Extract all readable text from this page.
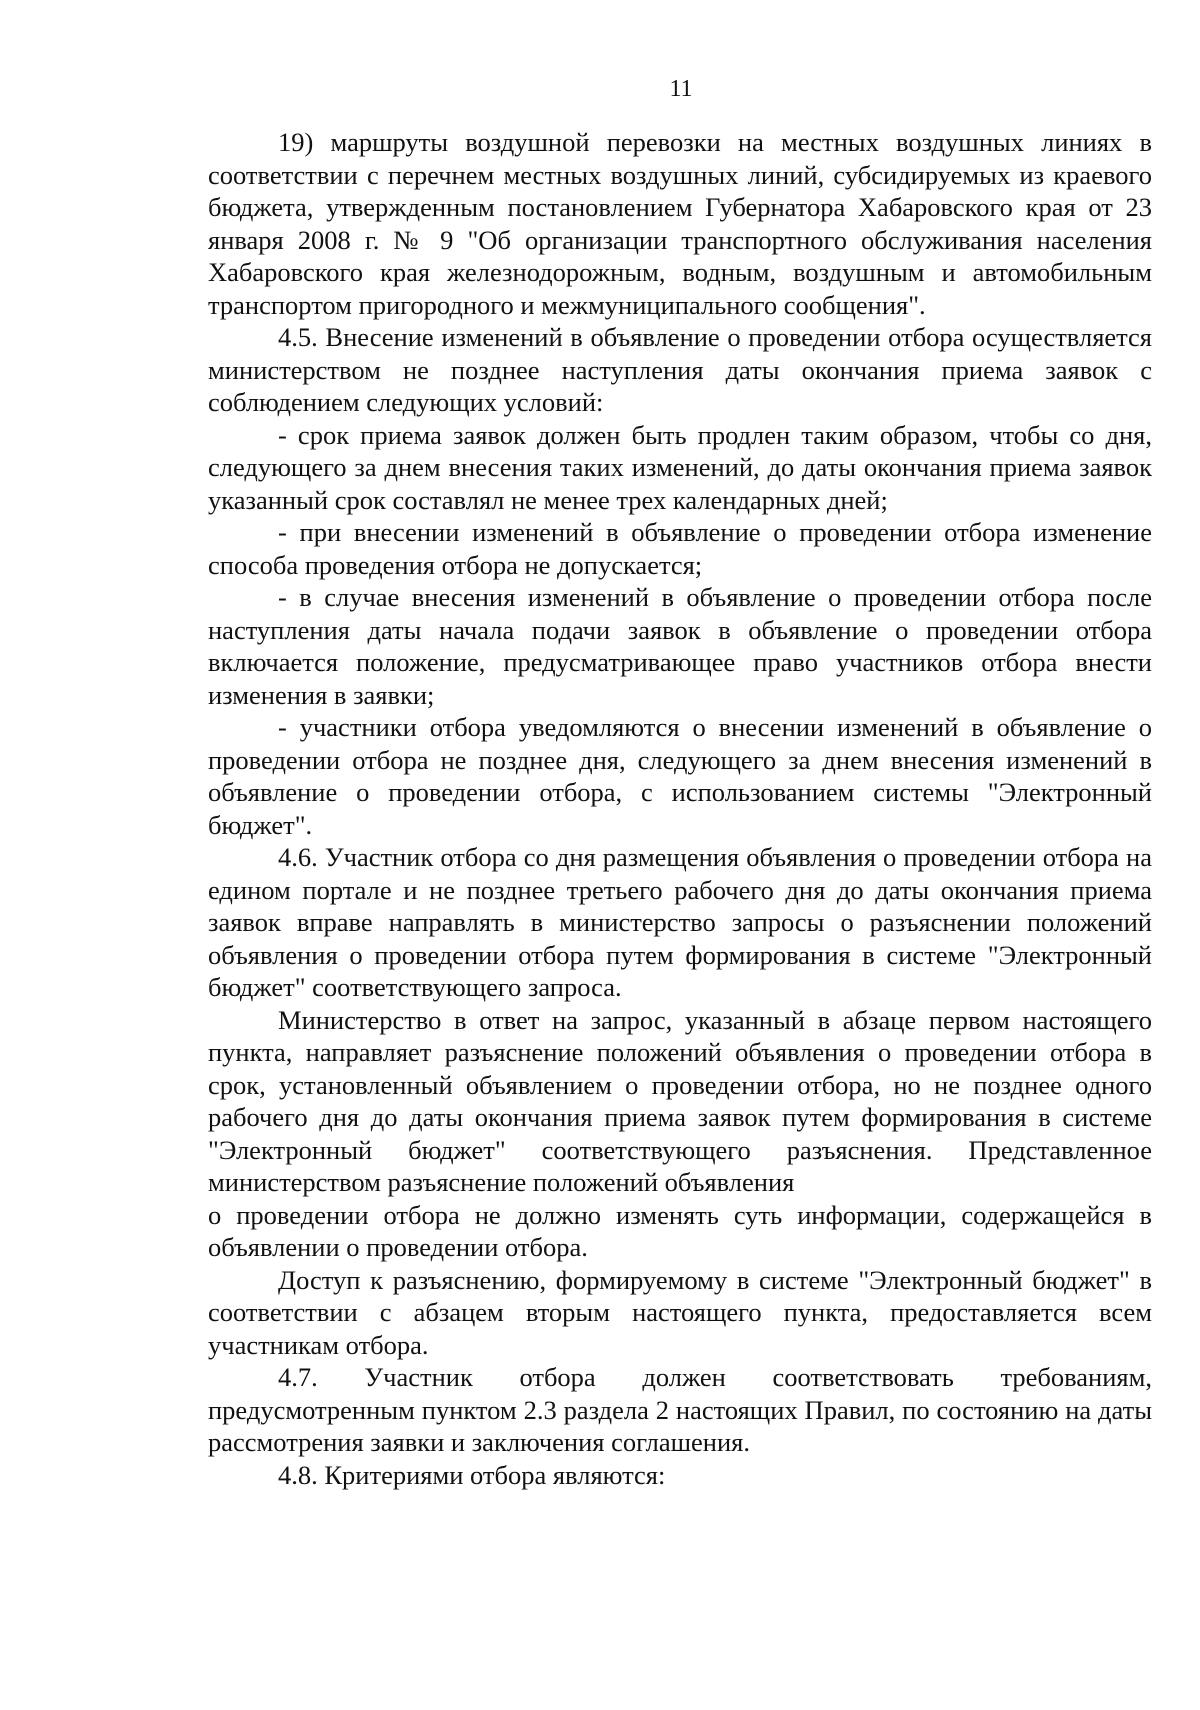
11

19) маршруты воздушной перевозки на местных воздушных линиях в соответствии с перечнем местных воздушных линий, субсидируемых из краевого бюджета, утвержденным постановлением Губернатора Хабаровского края от 23 января 2008 г. № 9 "Об организации транспортного обслуживания населения Хабаровского края железнодорожным, водным, воздушным и автомобильным транспортом пригородного и межмуниципального сообщения".

4.5. Внесение изменений в объявление о проведении отбора осуществляется министерством не позднее наступления даты окончания приема заявок с соблюдением следующих условий:

- срок приема заявок должен быть продлен таким образом, чтобы со дня, следующего за днем внесения таких изменений, до даты окончания приема заявок указанный срок составлял не менее трех календарных дней;

- при внесении изменений в объявление о проведении отбора изменение способа проведения отбора не допускается;

- в случае внесения изменений в объявление о проведении отбора после наступления даты начала подачи заявок в объявление о проведении отбора включается положение, предусматривающее право участников отбора внести изменения в заявки;

- участники отбора уведомляются о внесении изменений в объявление о проведении отбора не позднее дня, следующего за днем внесения изменений в объявление о проведении отбора, с использованием системы "Электронный бюджет".

4.6. Участник отбора со дня размещения объявления о проведении отбора на едином портале и не позднее третьего рабочего дня до даты окончания приема заявок вправе направлять в министерство запросы о разъяснении положений объявления о проведении отбора путем формирования в системе "Электронный бюджет" соответствующего запроса.

Министерство в ответ на запрос, указанный в абзаце первом настоящего пункта, направляет разъяснение положений объявления о проведении отбора в срок, установленный объявлением о проведении отбора, но не позднее одного рабочего дня до даты окончания приема заявок путем формирования в системе "Электронный бюджет" соответствующего разъяснения. Представленное министерством разъяснение положений объявления

о проведении отбора не должно изменять суть информации, содержащейся в объявлении о проведении отбора.

Доступ к разъяснению, формируемому в системе "Электронный бюджет" в соответствии с абзацем вторым настоящего пункта, предоставляется всем участникам отбора.

4.7. Участник отбора должен соответствовать требованиям, предусмотренным пунктом 2.3 раздела 2 настоящих Правил, по состоянию на даты рассмотрения заявки и заключения соглашения.

4.8. Критериями отбора являются:
